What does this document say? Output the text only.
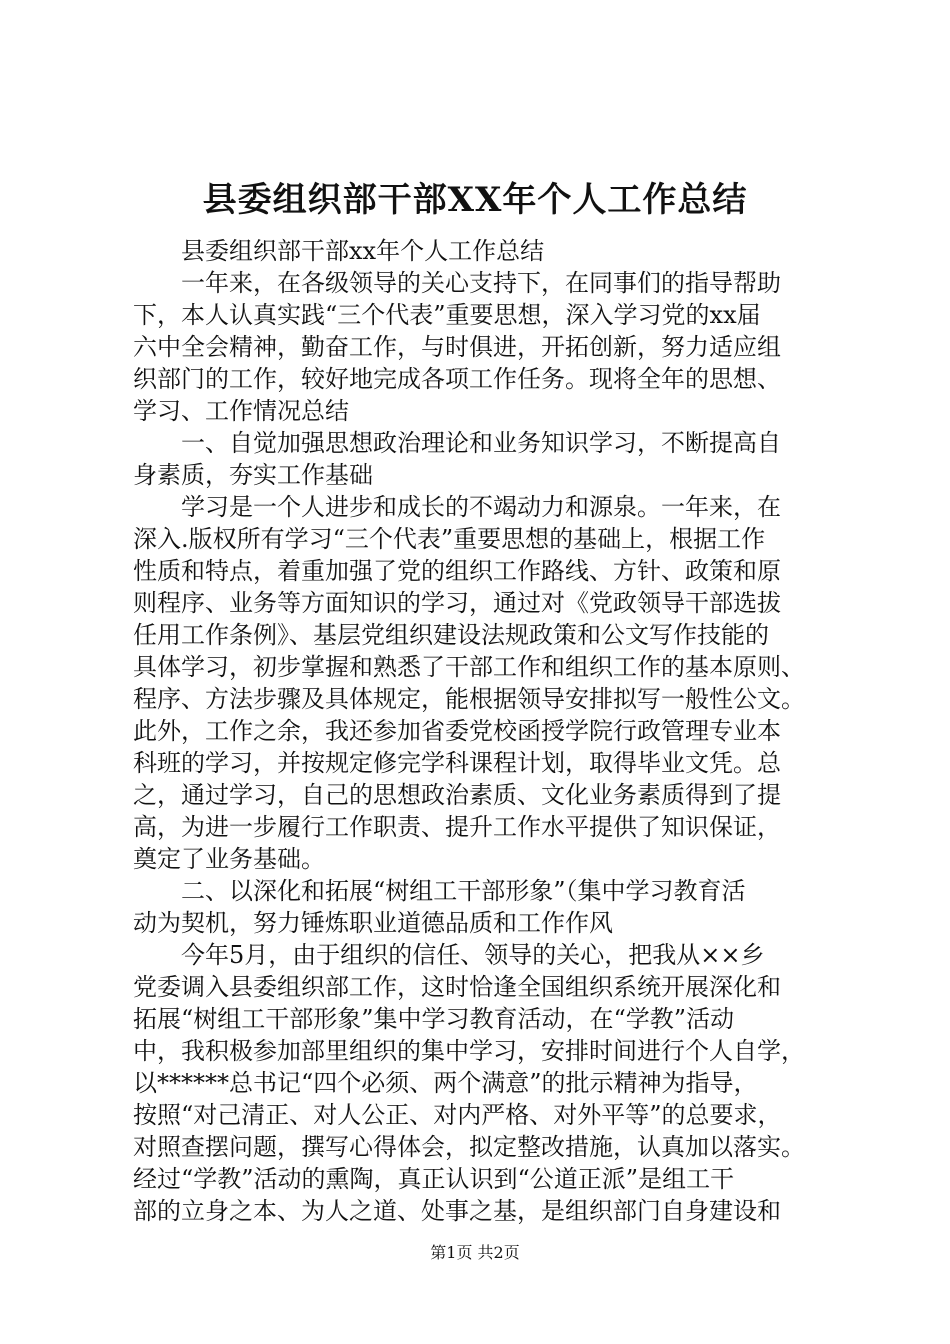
县委组织部干部XX年个人工作总结
县委组织部干部xx年个人工作总结
一年来，在各级领导的关心支持下，在同事们的指导帮助
下，本人认真实践“三个代表”重要思想，深入学习党的xx届
六中全会精神，勤奋工作，与时俱进，开拓创新，努力适应组
织部门的工作，较好地完成各项工作任务。现将全年的思想、
学习、工作情况总结
一、自觉加强思想政治理论和业务知识学习，不断提高自
身素质，夯实工作基础
学习是一个人进步和成长的不竭动力和源泉。一年来，在
深入.版权所有学习“三个代表”重要思想的基础上，根据工作
性质和特点，着重加强了党的组织工作路线、方针、政策和原
则程序、业务等方面知识的学习，通过对《党政领导干部选拔
任用工作条例》、基层党组织建设法规政策和公文写作技能的
具体学习，初步掌握和熟悉了干部工作和组织工作的基本原则、
程序、方法步骤及具体规定，能根据领导安排拟写一般性公文。
此外，工作之余，我还参加省委党校函授学院行政管理专业本
科班的学习，并按规定修完学科课程计划，取得毕业文凭。总
之，通过学习，自己的思想政治素质、文化业务素质得到了提
高，为进一步履行工作职责、提升工作水平提供了知识保证，
奠定了业务基础。
二、以深化和拓展“树组工干部形象”（集中学习教育活
动为契机，努力锤炼职业道德品质和工作作风
今年5月，由于组织的信任、领导的关心，把我从××乡
党委调入县委组织部工作，这时恰逢全国组织系统开展深化和
拓展“树组工干部形象”集中学习教育活动，在“学教”活动
中，我积极参加部里组织的集中学习，安排时间进行个人自学，
以******总书记“四个必须、两个满意”的批示精神为指导，
按照“对己清正、对人公正、对内严格、对外平等”的总要求，
对照查摆问题，撰写心得体会，拟定整改措施，认真加以落实。
经过“学教”活动的熏陶，真正认识到“公道正派”是组工干
部的立身之本、为人之道、处事之基，是组织部门自身建设和
第1页 共2页
